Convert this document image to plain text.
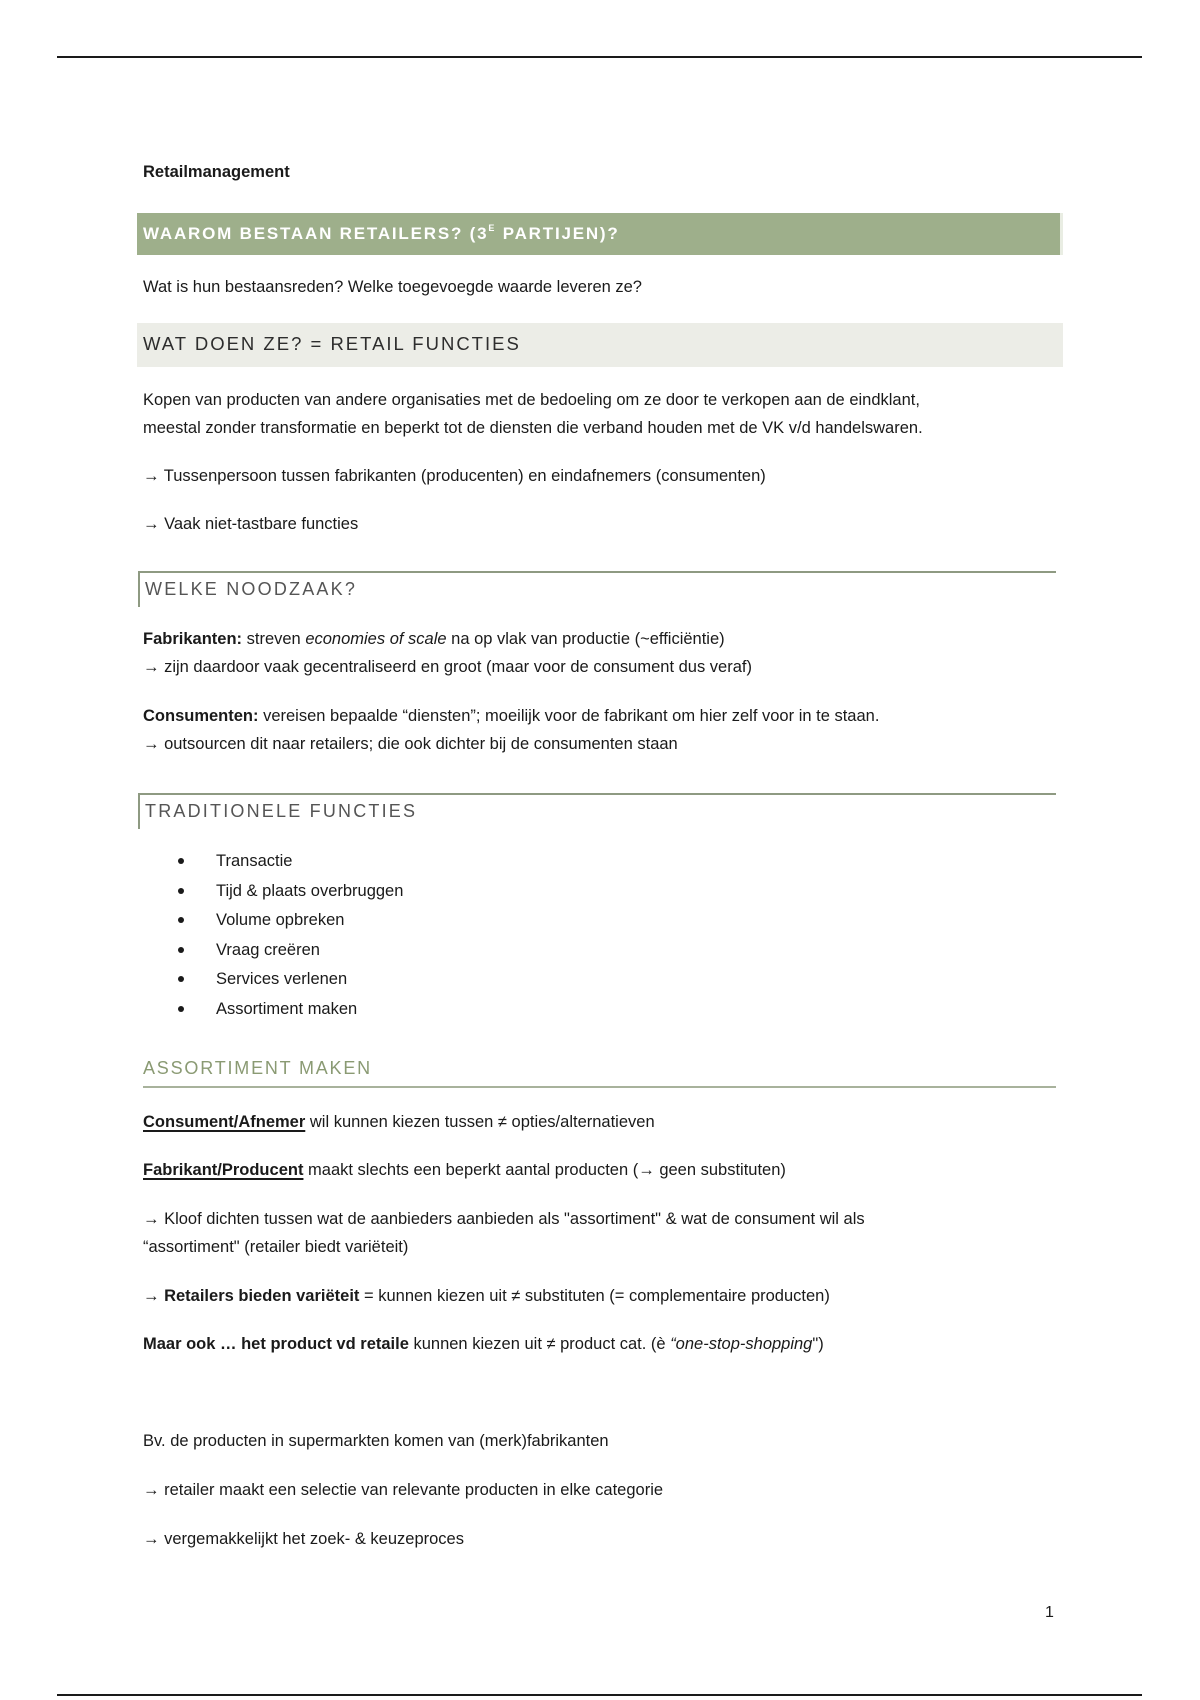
Retailmanagement
WAAROM BESTAAN RETAILERS? ($3^E$ PARTIJEN)?
Wat is hun bestaansreden? Welke toegevoegde waarde leveren ze?
WAT DOEN ZE? = RETAIL FUNCTIES
Kopen van producten van andere organisaties met de bedoeling om ze door te verkopen aan de eindklant,
meestal zonder transformatie en beperkt tot de diensten die verband houden met de VK v/d handelswaren.
→ Tussenpersoon tussen fabrikanten (producenten) en eindafnemers (consumenten)
→ Vaak niet-tastbare functies
WELKE NOODZAAK?
Fabrikanten: streven economies of scale na op vlak van productie (~efficiëntie)
→ zijn daardoor vaak gecentraliseerd en groot (maar voor de consument dus veraf)
Consumenten: vereisen bepaalde “diensten”; moeilijk voor de fabrikant om hier zelf voor in te staan.
→ outsourcen dit naar retailers; die ook dichter bij de consumenten staan
TRADITIONELE FUNCTIES
Transactie
Tijd & plaats overbruggen
Volume opbreken
Vraag creëren
Services verlenen
Assortiment maken
ASSORTIMENT MAKEN
Consument/Afnemer wil kunnen kiezen tussen ≠ opties/alternatieven
Fabrikant/Producent maakt slechts een beperkt aantal producten (→ geen substituten)
→ Kloof dichten tussen wat de aanbieders aanbieden als "assortiment" & wat de consument wil als
“assortiment" (retailer biedt variëteit)
→ Retailers bieden variëteit = kunnen kiezen uit ≠ substituten (= complementaire producten)
Maar ook … het product vd retaile kunnen kiezen uit ≠ product cat. (è “one-stop-shopping")
Bv. de producten in supermarkten komen van (merk)fabrikanten
→ retailer maakt een selectie van relevante producten in elke categorie
→ vergemakkelijkt het zoek- & keuzeproces
1
